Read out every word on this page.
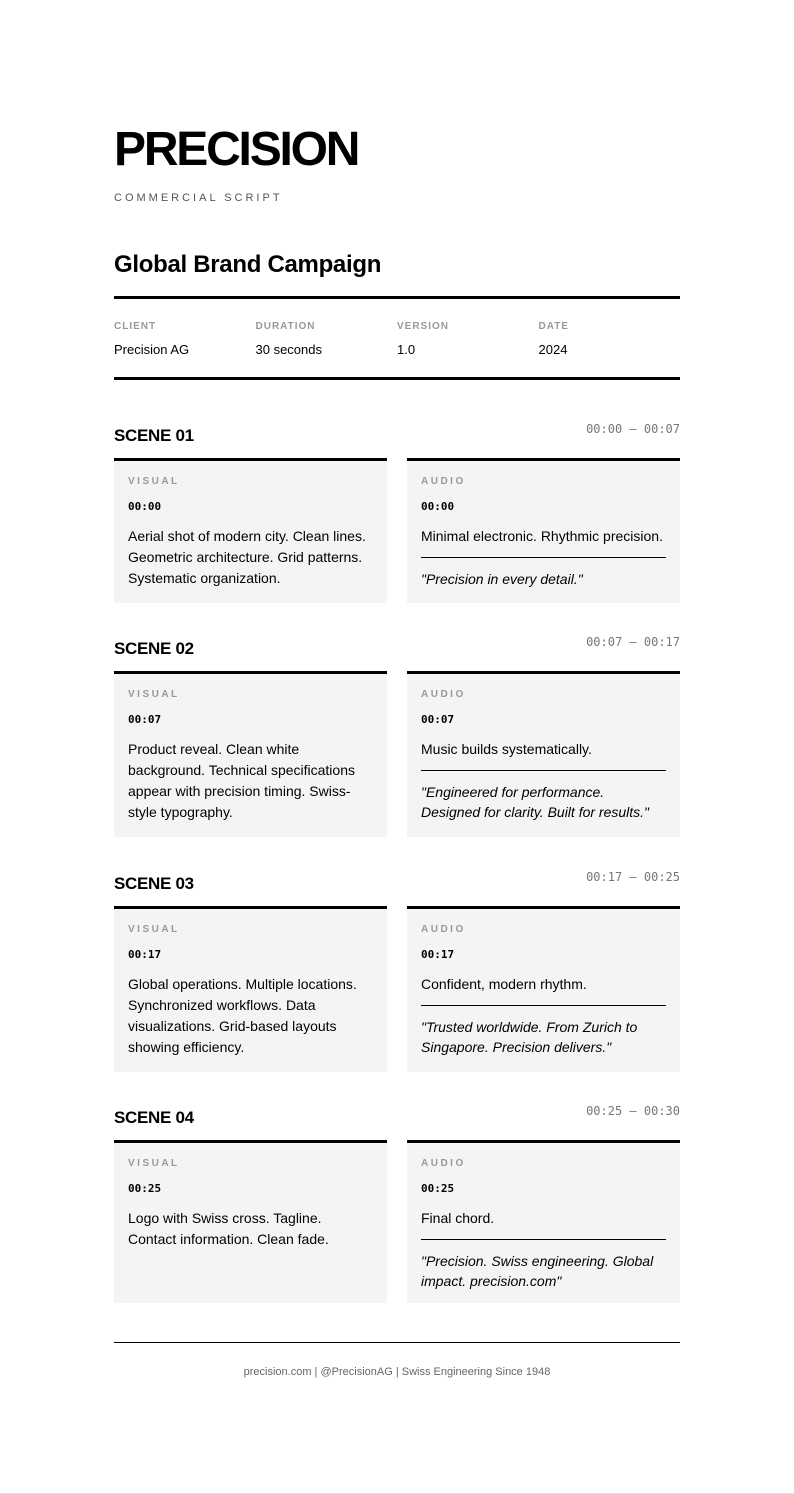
PRECISION
COMMERCIAL SCRIPT
Global Brand Campaign
CLIENT
Precision AG
DURATION
30 seconds
VERSION
1.0
DATE
2024
SCENE 01	00:00 – 00:07
VISUAL
00:00
Aerial shot of modern city. Clean lines. Geometric architecture. Grid patterns. Systematic organization.
AUDIO
00:00
Minimal electronic. Rhythmic precision.
"Precision in every detail."
SCENE 02	00:07 – 00:17
VISUAL
00:07
Product reveal. Clean white background. Technical specifications appear with precision timing. Swiss-style typography.
AUDIO
00:07
Music builds systematically.
"Engineered for performance. Designed for clarity. Built for results."
SCENE 03	00:17 – 00:25
VISUAL
00:17
Global operations. Multiple locations. Synchronized workflows. Data visualizations. Grid-based layouts showing efficiency.
AUDIO
00:17
Confident, modern rhythm.
"Trusted worldwide. From Zurich to Singapore. Precision delivers."
SCENE 04	00:25 – 00:30
VISUAL
00:25
Logo with Swiss cross. Tagline. Contact information. Clean fade.
AUDIO
00:25
Final chord.
"Precision. Swiss engineering. Global impact. precision.com"
precision.com | @PrecisionAG | Swiss Engineering Since 1948
